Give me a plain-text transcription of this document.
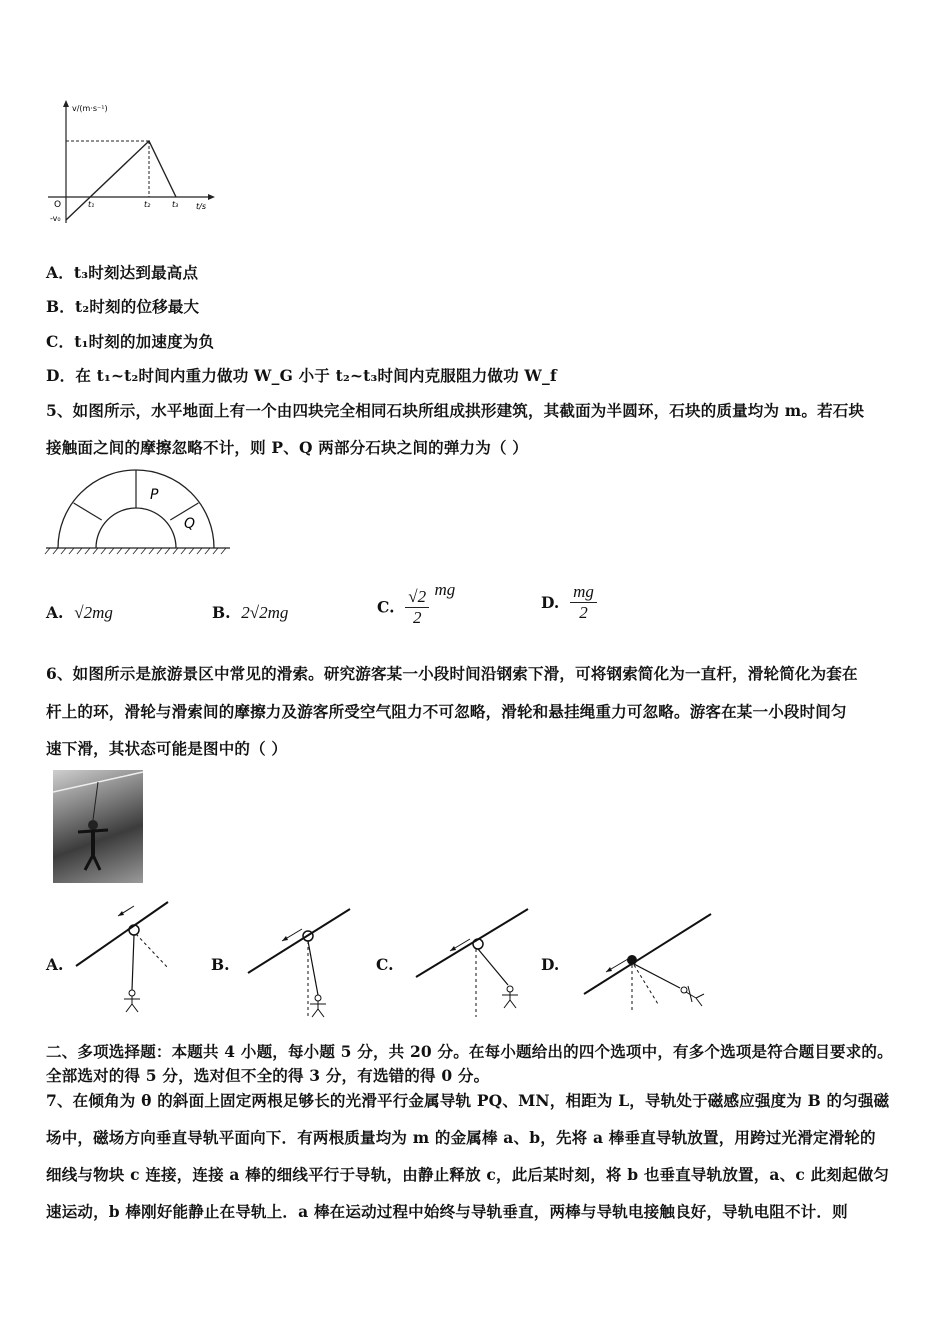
v/(m·s⁻¹)
t/s
O
-v₀
t₁	t₂	t₃
A．t₃时刻达到最高点
B．t₂时刻的位移最大
C．t₁时刻的加速度为负
D．在 t₁~t₂时间内重力做功 W_G 小于 t₂~t₃时间内克服阻力做功 W_f
5、如图所示，水平地面上有一个由四块完全相同石块所组成拱形建筑，其截面为半圆环，石块的质量均为 m。若石块
接触面之间的摩擦忽略不计，则 P、Q 两部分石块之间的弹力为（ ）
P
Q
A. √2mg	B. 2√2mg	C. $\frac{√2}{2}$ mg
D. $\frac{mg}{2}$
6、如图所示是旅游景区中常见的滑索。研究游客某一小段时间沿钢索下滑，可将钢索简化为一直杆，滑轮简化为套在
杆上的环，滑轮与滑索间的摩擦力及游客所受空气阻力不可忽略，滑轮和悬挂绳重力可忽略。游客在某一小段时间匀
速下滑，其状态可能是图中的（ ）
A.	B.	C.	D.
二、多项选择题：本题共 4 小题，每小题 5 分，共 20 分。在每小题给出的四个选项中，有多个选项是符合题目要求的。
全部选对的得 5 分，选对但不全的得 3 分，有选错的得 0 分。
7、在倾角为 θ 的斜面上固定两根足够长的光滑平行金属导轨 PQ、MN，相距为 L，导轨处于磁感应强度为 B 的匀强磁
场中，磁场方向垂直导轨平面向下．有两根质量均为 m 的金属棒 a、b，先将 a 棒垂直导轨放置，用跨过光滑定滑轮的
细线与物块 c 连接，连接 a 棒的细线平行于导轨，由静止释放 c，此后某时刻，将 b 也垂直导轨放置，a、c 此刻起做匀
速运动，b 棒刚好能静止在导轨上．a 棒在运动过程中始终与导轨垂直，两棒与导轨电接触良好，导轨电阻不计．则
